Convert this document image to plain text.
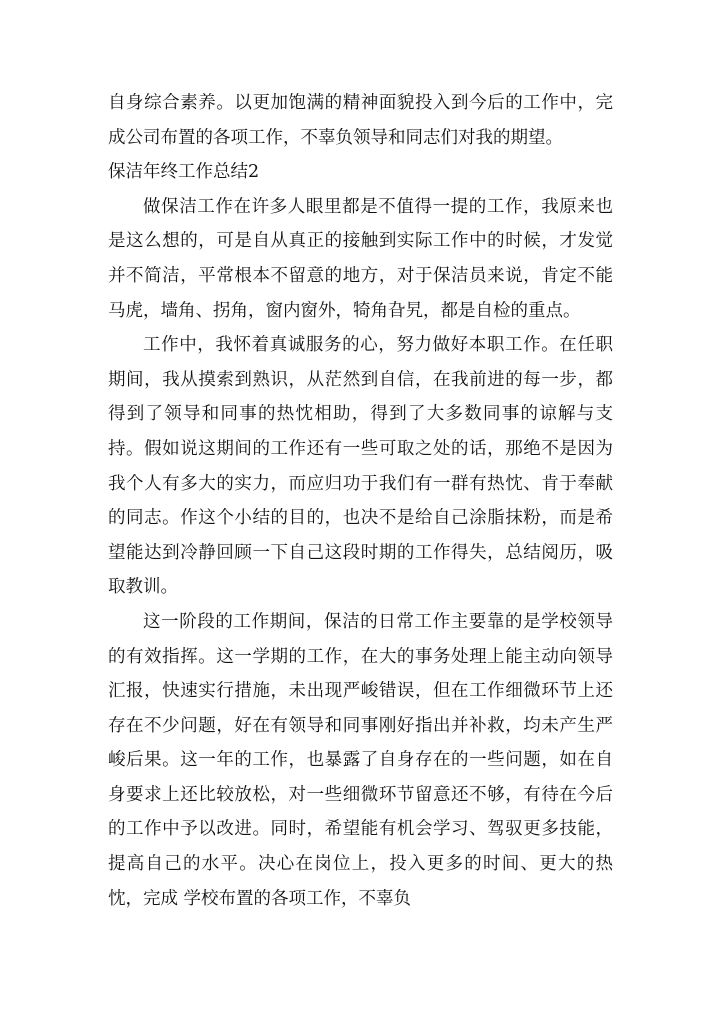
自身综合素养。以更加饱满的精神面貌投入到今后的工作中，完成公司布置的各项工作，不辜负领导和同志们对我的期望。

保洁年终工作总结2

做保洁工作在许多人眼里都是不值得一提的工作，我原来也是这么想的，可是自从真正的接触到实际工作中的时候，才发觉并不简洁，平常根本不留意的地方，对于保洁员来说，肯定不能马虎，墙角、拐角，窗内窗外，犄角旮旯，都是自检的重点。

工作中，我怀着真诚服务的心，努力做好本职工作。在任职期间，我从摸索到熟识，从茫然到自信，在我前进的每一步，都得到了领导和同事的热忱相助，得到了大多数同事的谅解与支持。假如说这期间的工作还有一些可取之处的话，那绝不是因为我个人有多大的实力，而应归功于我们有一群有热忱、肯于奉献的同志。作这个小结的目的，也决不是给自己涂脂抹粉，而是希望能达到冷静回顾一下自己这段时期的工作得失，总结阅历，吸取教训。

这一阶段的工作期间，保洁的日常工作主要靠的是学校领导的有效指挥。这一学期的工作，在大的事务处理上能主动向领导汇报，快速实行措施，未出现严峻错误，但在工作细微环节上还存在不少问题，好在有领导和同事刚好指出并补救，均未产生严峻后果。这一年的工作，也暴露了自身存在的一些问题，如在自身要求上还比较放松，对一些细微环节留意还不够，有待在今后的工作中予以改进。同时，希望能有机会学习、驾驭更多技能，提高自己的水平。决心在岗位上，投入更多的时间、更大的热忱，完成 学校布置的各项工作，不辜负
